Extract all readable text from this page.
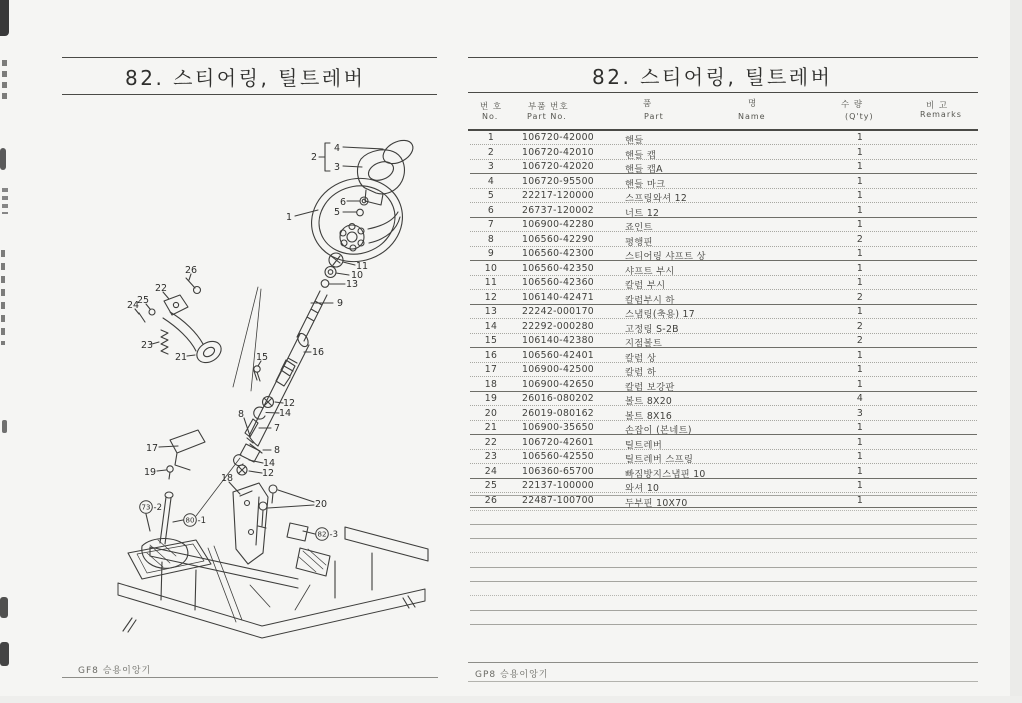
82. 스티어링, 틸트레버
4
2
3
6
5
1
11
10
13
9
16
15
26
22
25
24
23
21
12
14
7
8
8
14
12
17
19
18
20
73 -2
80 -1
82 -3
GF8 승용이앙기
82. 스티어링, 틸트레버
번 호
No.
부품 번호
Part No.
품	명
Part	Name
수 량
(Q'ty)
비 고
Remarks
1	106720-42000	핸들	1
2	106720-42010	핸들 캡	1
3	106720-42020	핸들 캡A	1
4	106720-95500	핸들 마크	1
5	22217-120000	스프링와셔 12	1
6	26737-120002	너트 12	1
7	106900-42280	죠인트	1
8	106560-42290	평행핀	2
9	106560-42300	스티어링 샤프트 상	1
10	106560-42350	샤프트 부시	1
11	106560-42360	칼럼 부시	1
12	106140-42471	칼럼부시 하	2
13	22242-000170	스냅링(축용) 17	1
14	22292-000280	고정링 S-2B	2
15	106140-42380	지점볼트	2
16	106560-42401	칼럼 상	1
17	106900-42500	칼럼 하	1
18	106900-42650	칼럼 보강판	1
19	26016-080202	볼트 8X20	4
20	26019-080162	볼트 8X16	3
21	106900-35650	손잡이 (본네트)	1
22	106720-42601	틸트레버	1
23	106560-42550	틸트레버 스프링	1
24	106360-65700	빠짐방지스냅핀 10	1
25	22137-100000	와셔 10	1
26	22487-100700	두부핀 10X70	1
GP8 승용이앙기
